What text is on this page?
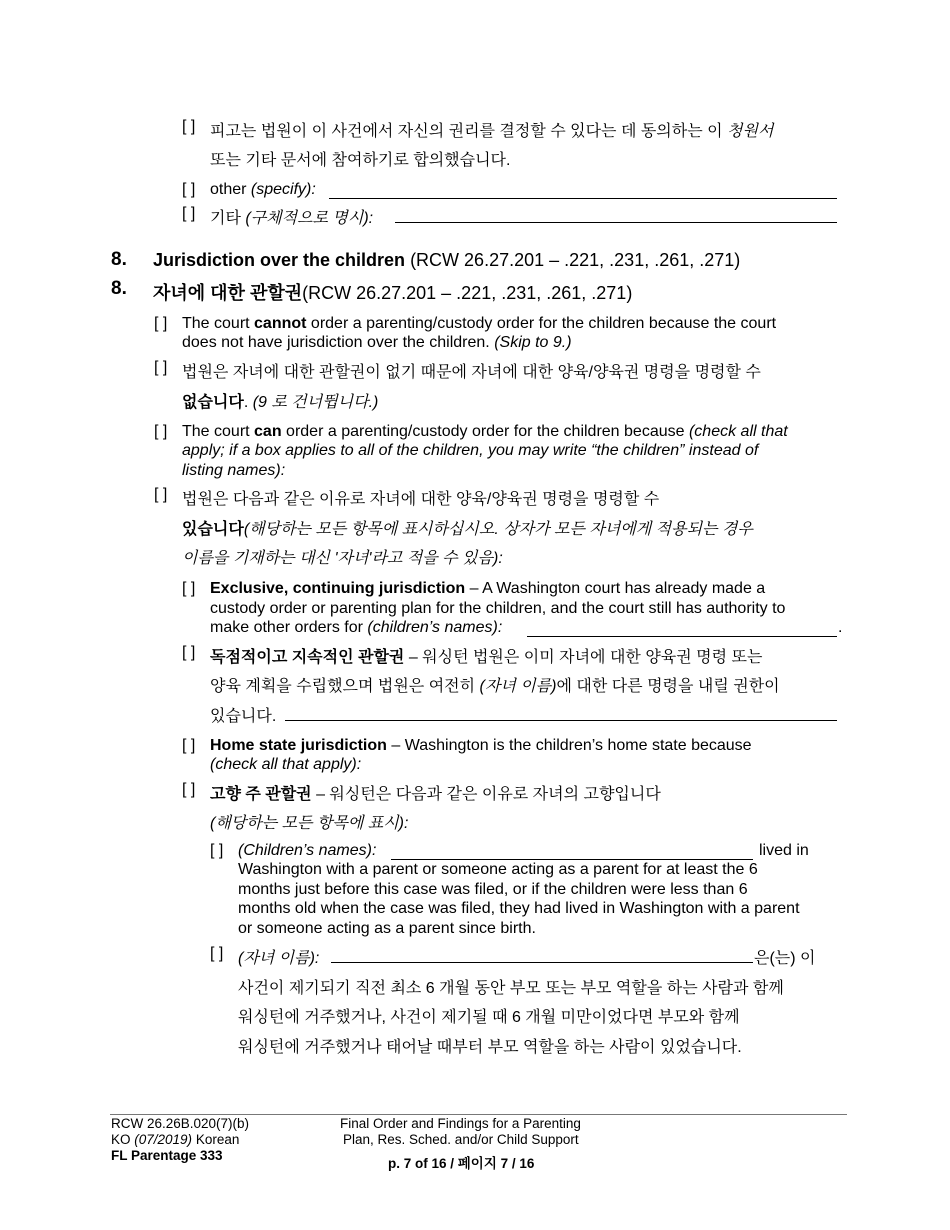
[ ] 피고는 법원이 이 사건에서 자신의 권리를 결정할 수 있다는 데 동의하는 이 청원서
또는 기타 문서에 참여하기로 합의했습니다.
[ ] other (specify):
[ ] 기타 (구체적으로 명시):
8. Jurisdiction over the children (RCW 26.27.201 – .221, .231, .261, .271)
8. 자녀에 대한 관할권(RCW 26.27.201 – .221, .231, .261, .271)
[ ] The court cannot order a parenting/custody order for the children because the court
does not have jurisdiction over the children. (Skip to 9.)
[ ] 법원은 자녀에 대한 관할권이 없기 때문에 자녀에 대한 양육/양육권 명령을 명령할 수
없습니다. (9 로 건너뜁니다.)
[ ] The court can order a parenting/custody order for the children because (check all that
apply; if a box applies to all of the children, you may write “the children” instead of
listing names):
[ ] 법원은 다음과 같은 이유로 자녀에 대한 양육/양육권 명령을 명령할 수
있습니다(해당하는 모든 항목에 표시하십시오. 상자가 모든 자녀에게 적용되는 경우
이름을 기재하는 대신 '자녀'라고 적을 수 있음):
[ ] Exclusive, continuing jurisdiction – A Washington court has already made a
custody order or parenting plan for the children, and the court still has authority to
make other orders for (children’s names):	.
[ ] 독점적이고 지속적인 관할권 – 워싱턴 법원은 이미 자녀에 대한 양육권 명령 또는
양육 계획을 수립했으며 법원은 여전히 (자녀 이름)에 대한 다른 명령을 내릴 권한이
있습니다.
[ ] Home state jurisdiction – Washington is the children’s home state because
(check all that apply):
[ ] 고향 주 관할권 – 워싱턴은 다음과 같은 이유로 자녀의 고향입니다
(해당하는 모든 항목에 표시):
[ ] (Children’s names):	lived in
Washington with a parent or someone acting as a parent for at least the 6
months just before this case was filed, or if the children were less than 6
months old when the case was filed, they had lived in Washington with a parent
or someone acting as a parent since birth.
[ ] (자녀 이름):	은(는) 이
사건이 제기되기 직전 최소 6 개월 동안 부모 또는 부모 역할을 하는 사람과 함께
워싱턴에 거주했거나, 사건이 제기될 때 6 개월 미만이었다면 부모와 함께
워싱턴에 거주했거나 태어날 때부터 부모 역할을 하는 사람이 있었습니다.
RCW 26.26B.020(7)(b)
KO (07/2019) Korean
FL Parentage 333
Final Order and Findings for a Parenting
Plan, Res. Sched. and/or Child Support
p. 7 of 16 / 페이지 7 / 16
